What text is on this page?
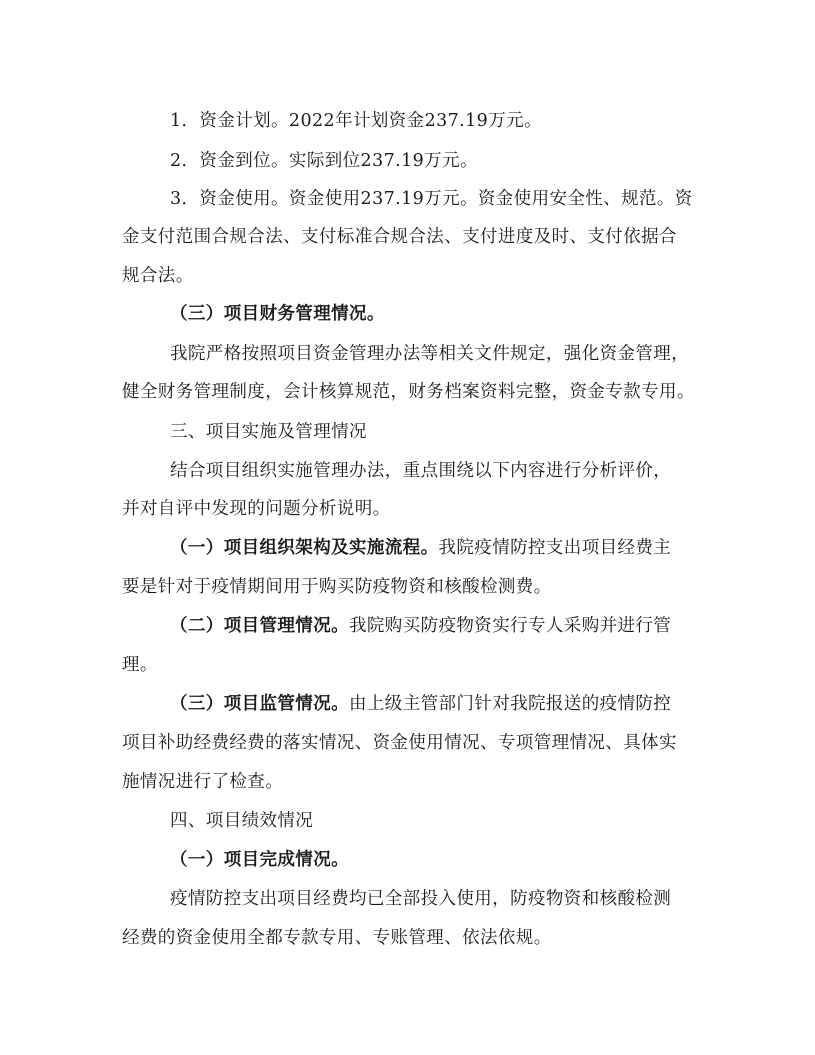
1．资金计划。2022年计划资金237.19万元。
2．资金到位。实际到位237.19万元。
3．资金使用。资金使用237.19万元。资金使用安全性、规范。资
金支付范围合规合法、支付标准合规合法、支付进度及时、支付依据合
规合法。
（三）项目财务管理情况。
我院严格按照项目资金管理办法等相关文件规定，强化资金管理，
健全财务管理制度，会计核算规范，财务档案资料完整，资金专款专用。
三、项目实施及管理情况
结合项目组织实施管理办法，重点围绕以下内容进行分析评价，
并对自评中发现的问题分析说明。
（一）项目组织架构及实施流程。我院疫情防控支出项目经费主
要是针对于疫情期间用于购买防疫物资和核酸检测费。
（二）项目管理情况。我院购买防疫物资实行专人采购并进行管
理。
（三）项目监管情况。由上级主管部门针对我院报送的疫情防控
项目补助经费经费的落实情况、资金使用情况、专项管理情况、具体实
施情况进行了检查。
四、项目绩效情况
（一）项目完成情况。
疫情防控支出项目经费均已全部投入使用，防疫物资和核酸检测
经费的资金使用全都专款专用、专账管理、依法依规。
